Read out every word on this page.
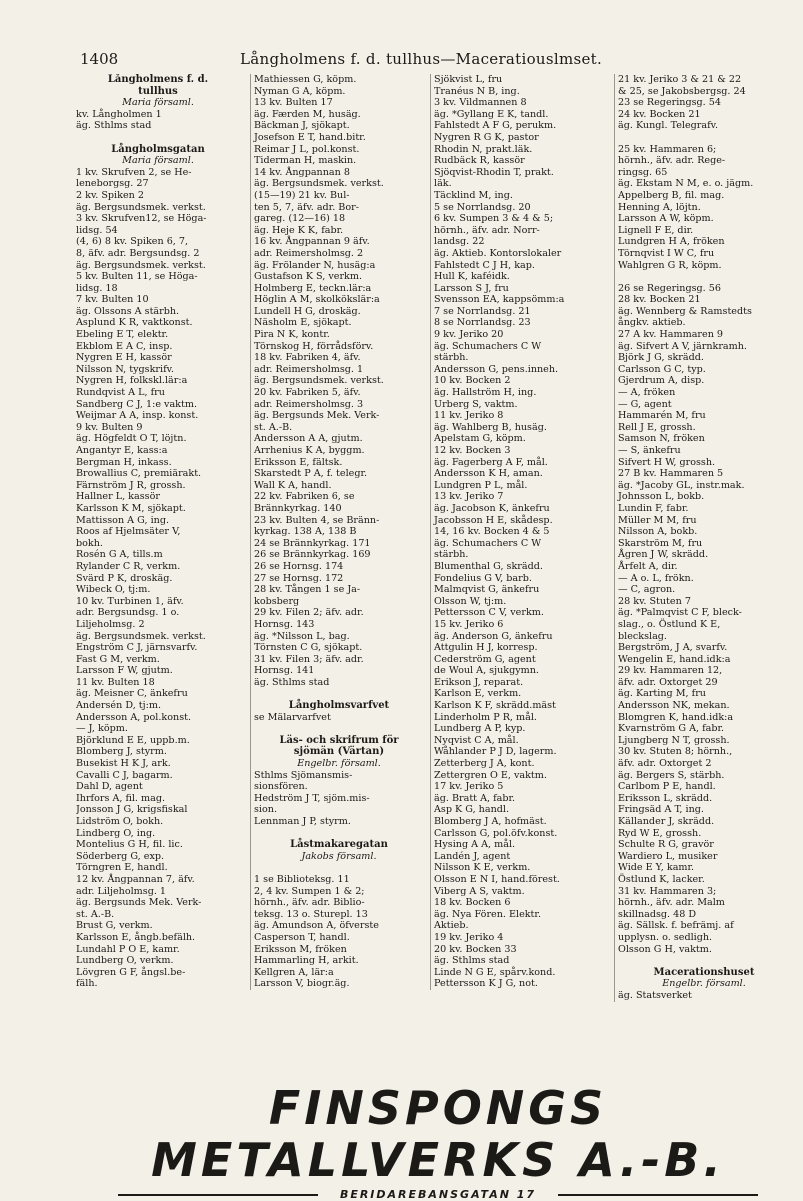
1408	Långholmens f. d. tullhus—Maceratiouslmset.
Långholmens f. d.
tullhus
Maria församl.
kv. Långholmen 1
äg. Sthlms stad

Långholmsgatan
Maria församl.
1 kv. Skrufven 2, se He-
leneborgsg. 27
2 kv. Spiken 2
äg. Bergsundsmek. verkst.
3 kv. Skrufven12, se Höga-
lidsg. 54
(4, 6) 8 kv. Spiken 6, 7,
8, äfv. adr. Bergsundsg. 2
äg. Bergsundsmek. verkst.
5 kv. Bulten 11, se Höga-
lidsg. 18
7 kv. Bulten 10
äg. Olssons A stärbh.
Asplund K R, vaktkonst.
Ebeling E T, elektr.
Ekblom E A C, insp.
Nygren E H, kassör
Nilsson N, tygskrifv.
Nygren H, folkskl.lär:a
Rundqvist A L, fru
Sandberg C J, 1:e vaktm.
Weijmar A A, insp. konst.
9 kv. Bulten 9
äg. Högfeldt O T, löjtn.
Angantyr E, kass:a
Bergman H, inkass.
Browallius C, premiärakt.
Färnström J R, grossh.
Hallner L, kassör
Karlsson K M, sjökapt.
Mattisson A G, ing.
Roos af Hjelmsäter V,
bokh.
Rosén G A, tills.m
Rylander C R, verkm.
Svärd P K, droskäg.
Wibeck O, tj:m.
10 kv. Turbinen 1, äfv.
adr. Bergsundsg. 1 o.
Liljeholmsg. 2
äg. Bergsundsmek. verkst.
Engström C J, järnsvarfv.
Fast G M, verkm.
Larsson F W, gjutm.
11 kv. Bulten 18
äg. Meisner C, änkefru
Andersén D, tj:m.
Andersson A, pol.konst.
— J, köpm.
Björklund E E, uppb.m.
Blomberg J, styrm.
Busekist H K J, ark.
Cavalli C J, bagarm.
Dahl D, agent
Ihrfors A, fil. mag.
Jonsson J G, krigsfiskal
Lidström O, bokh.
Lindberg O, ing.
Montelius G H, fil. lic.
Söderberg G, exp.
Törngren E, handl.
12 kv. Ångpannan 7, äfv.
adr. Liljeholmsg. 1
äg. Bergsunds Mek. Verk-
st. A.-B.
Brust G, verkm.
Karlsson E, ångb.befälh.
Lundahl P O E, kamr.
Lundberg O, verkm.
Lövgren G F, ångsl.be-
fälh.
Mathiessen G, köpm.
Nyman G A, köpm.
13 kv. Bulten 17
äg. Færden M, husäg.
Bäckman J, sjökapt.
Josefson E T, hand.bitr.
Reimar J L, pol.konst.
Tiderman H, maskin.
14 kv. Ångpannan 8
äg. Bergsundsmek. verkst.
(15—19) 21 kv. Bul-
ten 5, 7, äfv. adr. Bor-
gareg. (12—16) 18
äg. Heje K K, fabr.
16 kv. Ångpannan 9 äfv.
adr. Reimersholmsg. 2
äg. Frölander N, husäg:a
Gustafson K S, verkm.
Holmberg E, teckn.lär:a
Höglin A M, skolkökslär:a
Lundell H G, droskäg.
Näsholm E, sjökapt.
Pira N K, kontr.
Törnskog H, förrådsförv.
18 kv. Fabriken 4, äfv.
adr. Reimersholmsg. 1
äg. Bergsundsmek. verkst.
20 kv. Fabriken 5, äfv.
adr. Reimersholmsg. 3
äg. Bergsunds Mek. Verk-
st. A.-B.
Andersson A A, gjutm.
Arrhenius K A, byggm.
Eriksson E, fältsk.
Skarstedt P A, f. telegr.
Wall K A, handl.
22 kv. Fabriken 6, se
Brännkyrkag. 140
23 kv. Bulten 4, se Bränn-
kyrkag. 138 A, 138 B
24 se Brännkyrkag. 171
26 se Brännkyrkag. 169
26 se Hornsg. 174
27 se Hornsg. 172
28 kv. Tången 1 se Ja-
kobsberg
29 kv. Filen 2; äfv. adr.
Hornsg. 143
äg. *Nilsson L, bag.
Törnsten C G, sjökapt.
31 kv. Filen 3; äfv. adr.
Hornsg. 141
äg. Sthlms stad

Långholmsvarfvet
se Mälarvarfvet

Läs- och skrifrum för
sjömän (Värtan)
Engelbr. församl.
Sthlms Sjömansmis-
sionsfören.
Hedström J T, sjöm.mis-
sion.
Lennman J P, styrm.

Låstmakaregatan
Jakobs församl.

1 se Biblioteksg. 11
2, 4 kv. Sumpen 1 & 2;
hörnh., äfv. adr. Biblio-
teksg. 13 o. Sturepl. 13
äg. Amundson A, öfverste
Casperson T, handl.
Eriksson M, fröken
Hammarling H, arkit.
Kellgren A, lär:a
Larsson V, biogr.äg.
Sjökvist L, fru
Tranéus N B, ing.
3 kv. Vildmannen 8
äg. *Gyllang E K, tandl.
Fahlstedt A F G, perukm.
Nygren R G K, pastor
Rhodin N, prakt.läk.
Rudbäck R, kassör
Sjöqvist-Rhodin T, prakt.
läk.
Täcklind M, ing.
5 se Norrlandsg. 20
6 kv. Sumpen 3 & 4 & 5;
hörnh., äfv. adr. Norr-
landsg. 22
äg. Aktieb. Kontorslokaler
Fahlstedt C J H, kap.
Hull K, kaféidk.
Larsson S J, fru
Svensson EA, kappsömm:a
7 se Norrlandsg. 21
8 se Norrlandsg. 23
9 kv. Jeriko 20
äg. Schumachers C W
stärbh.
Andersson G, pens.inneh.
10 kv. Bocken 2
äg. Hallström H, ing.
Urberg S, vaktm.
11 kv. Jeriko 8
äg. Wahlberg B, husäg.
Apelstam G, köpm.
12 kv. Bocken 3
äg. Fagerberg A F, mål.
Andersson K H, aman.
Lundgren P L, mål.
13 kv. Jeriko 7
äg. Jacobson K, änkefru
Jacobsson H E, skådesp.
14, 16 kv. Bocken 4 & 5
äg. Schumachers C W
stärbh.
Blumenthal G, skrädd.
Fondelius G V, barb.
Malmqvist G, änkefru
Olsson W, tj:m.
Pettersson C V, verkm.
15 kv. Jeriko 6
äg. Anderson G, änkefru
Attgulin H J, korresp.
Cederström G, agent
de Woul A, sjukgymn.
Erikson J, reparat.
Karlson E, verkm.
Karlson K F, skrädd.mäst
Linderholm P R, mål.
Lundberg A P, kyp.
Nyqvist C A, mål.
Wåhlander P J D, lagerm.
Zetterberg J A, kont.
Zettergren O E, vaktm.
17 kv. Jeriko 5
äg. Bratt A, fabr.
Asp K G, handl.
Blomberg J A, hofmäst.
Carlsson G, pol.öfv.konst.
Hysing A A, mål.
Landén J, agent
Nilsson K E, verkm.
Olsson E N I, hand.förest.
Viberg A S, vaktm.
18 kv. Bocken 6
äg. Nya Fören. Elektr.
Aktieb.
19 kv. Jeriko 4
20 kv. Bocken 33
äg. Sthlms stad
Linde N G E, spårv.kond.
Pettersson K J G, not.
21 kv. Jeriko 3 & 21 & 22
& 25, se Jakobsbergsg. 24
23 se Regeringsg. 54
24 kv. Bocken 21
äg. Kungl. Telegrafv.

25 kv. Hammaren 6;
hörnh., äfv. adr. Rege-
ringsg. 65
äg. Ekstam N M, e. o. jägm.
Appelberg B, fil. mag.
Henning A, löjtn.
Larsson A W, köpm.
Lignell F E, dir.
Lundgren H A, fröken
Törnqvist I W C, fru
Wahlgren G R, köpm.

26 se Regeringsg. 56
28 kv. Bocken 21
äg. Wennberg & Ramstedts
ångkv. aktieb.
27 A kv. Hammaren 9
äg. Sifvert A V, järnkramh.
Björk J G, skrädd.
Carlsson G C, typ.
Gjerdrum A, disp.
— A, fröken
— G, agent
Hammarén M, fru
Rell J E, grossh.
Samson N, fröken
— S, änkefru
Sifvert H W, grossh.
27 B kv. Hammaren 5
äg. *Jacoby GL, instr.mak.
Johnsson L, bokb.
Lundin F, fabr.
Müller M M, fru
Nilsson A, bokb.
Skarström M, fru
Ågren J W, skrädd.
Årfelt A, dir.
— A o. L, frökn.
— C, agron.
28 kv. Stuten 7
äg. *Palmqvist C F, bleck-
slag., o. Östlund K E,
bleckslag.
Bergström, J A, svarfv.
Wengelin E, hand.idk:a
29 kv. Hammaren 12,
äfv. adr. Oxtorget 29
äg. Karting M, fru
Andersson NK, mekan.
Blomgren K, hand.idk:a
Kvarnström G A, fabr.
Ljungberg N T, grossh.
30 kv. Stuten 8; hörnh.,
äfv. adr. Oxtorget 2
äg. Bergers S, stärbh.
Carlbom P E, handl.
Eriksson L, skrädd.
Fringsäd A T, ing.
Källander J, skrädd.
Ryd W E, grossh.
Schulte R G, gravör
Wardiero L, musiker
Wide E Y, kamr.
Östlund K, lacker.
31 kv. Hammaren 3;
hörnh., äfv. adr. Malm
skillnadsg. 48 D
äg. Sällsk. f. befrämj. af
upplysn. o. sedligh.
Olsson G H, vaktm.

Macerationshuset
Engelbr. församl.
äg. Statsverket
FINSPONGS METALLVERKS A.-B.
BERIDAREBANSGATAN 17
